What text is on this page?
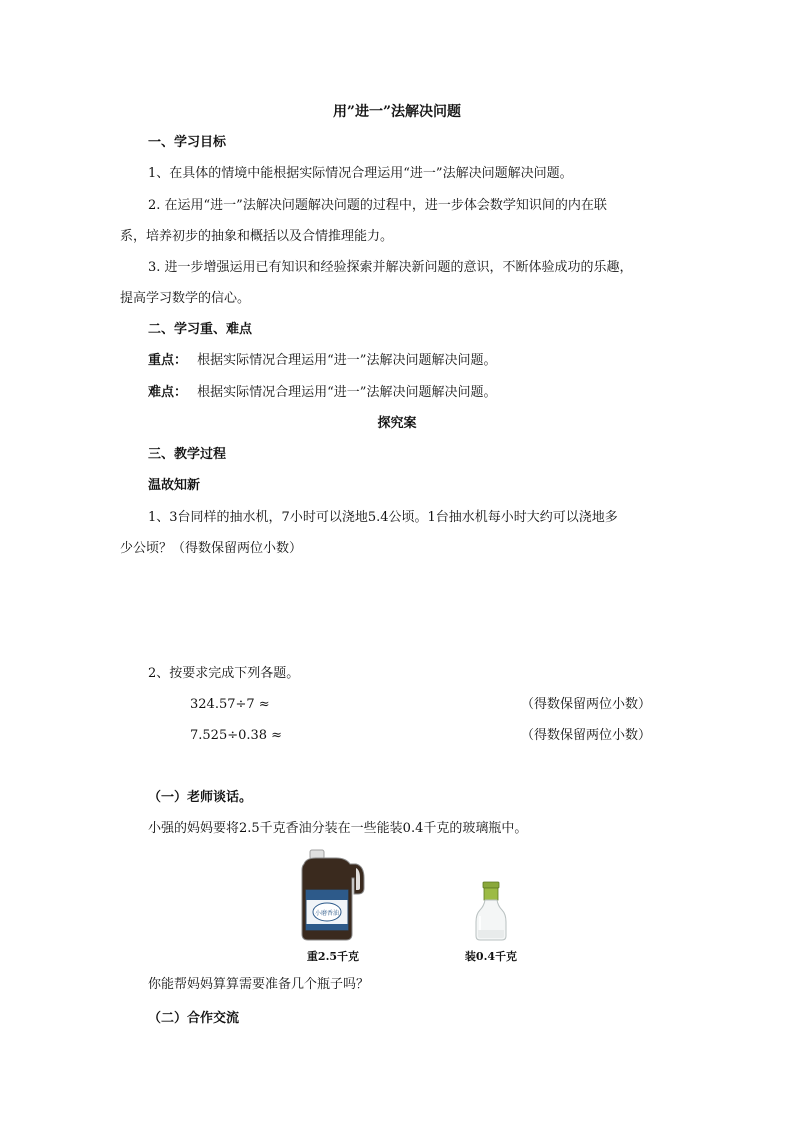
用”进一”法解决问题
一、学习目标
1、在具体的情境中能根据实际情况合理运用“进一”法解决问题解决问题。
2. 在运用“进一”法解决问题解决问题的过程中，进一步体会数学知识间的内在联
系，培养初步的抽象和概括以及合情推理能力。
3. 进一步增强运用已有知识和经验探索并解决新问题的意识，不断体验成功的乐趣，
提高学习数学的信心。
二、学习重、难点
重点： 根据实际情况合理运用“进一”法解决问题解决问题。
难点： 根据实际情况合理运用“进一”法解决问题解决问题。
探究案
三、教学过程
温故知新
1、3台同样的抽水机，7小时可以浇地5.4公顷。1台抽水机每小时大约可以浇地多
少公顷？（得数保留两位小数）
2、按要求完成下列各题。
324.57÷7 ≈	（得数保留两位小数）
7.525÷0.38 ≈	（得数保留两位小数）
（一）老师谈话。
小强的妈妈要将2.5千克香油分装在一些能装0.4千克的玻璃瓶中。
小磨香油
重2.5千克	装0.4千克
你能帮妈妈算算需要准备几个瓶子吗？
（二）合作交流
